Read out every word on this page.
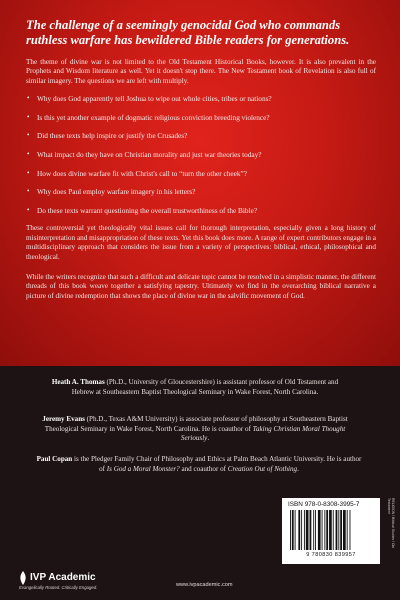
The challenge of a seemingly genocidal God who commands ruthless warfare has bewildered Bible readers for generations.

The theme of divine war is not limited to the Old Testament Historical Books, however. It is also prevalent in the Prophets and Wisdom literature as well. Yet it doesn't stop there. The New Testament book of Revelation is also full of similar imagery. The questions we are left with multiply.

• Why does God apparently tell Joshua to wipe out whole cities, tribes or nations?
• Is this yet another example of dogmatic religious conviction breeding violence?
• Did these texts help inspire or justify the Crusades?
• What impact do they have on Christian morality and just war theories today?
• How does divine warfare fit with Christ's call to “turn the other cheek”?
• Why does Paul employ warfare imagery in his letters?
• Do these texts warrant questioning the overall trustworthiness of the Bible?

These controversial yet theologically vital issues call for thorough interpretation, especially given a long history of misinterpretation and misappropriation of these texts. Yet this book does more. A range of expert contributors engage in a multidisciplinary approach that considers the issue from a variety of perspectives: biblical, ethical, philosophical and theological.

While the writers recognize that such a difficult and delicate topic cannot be resolved in a simplistic manner, the different threads of this book weave together a satisfying tapestry. Ultimately we find in the overarching biblical narrative a picture of divine redemption that shows the place of divine war in the salvific movement of God.

Heath A. Thomas (Ph.D., University of Gloucestershire) is assistant professor of Old Testament and Hebrew at Southeastern Baptist Theological Seminary in Wake Forest, North Carolina.

Jeremy Evans (Ph.D., Texas A&M University) is associate professor of philosophy at Southeastern Baptist Theological Seminary in Wake Forest, North Carolina. He is coauthor of Taking Christian Moral Thought Seriously.

Paul Copan is the Pledger Family Chair of Philosophy and Ethics at Palm Beach Atlantic University. He is author of Is God a Moral Monster? and coauthor of Creation Out of Nothing.

ISBN 978-0-8308-3995-7
9 780830 839957
RELIGION / Biblical Studies / Old Testament
IVP Academic
Evangelically Rooted. Critically Engaged.	www.ivpacademic.com
